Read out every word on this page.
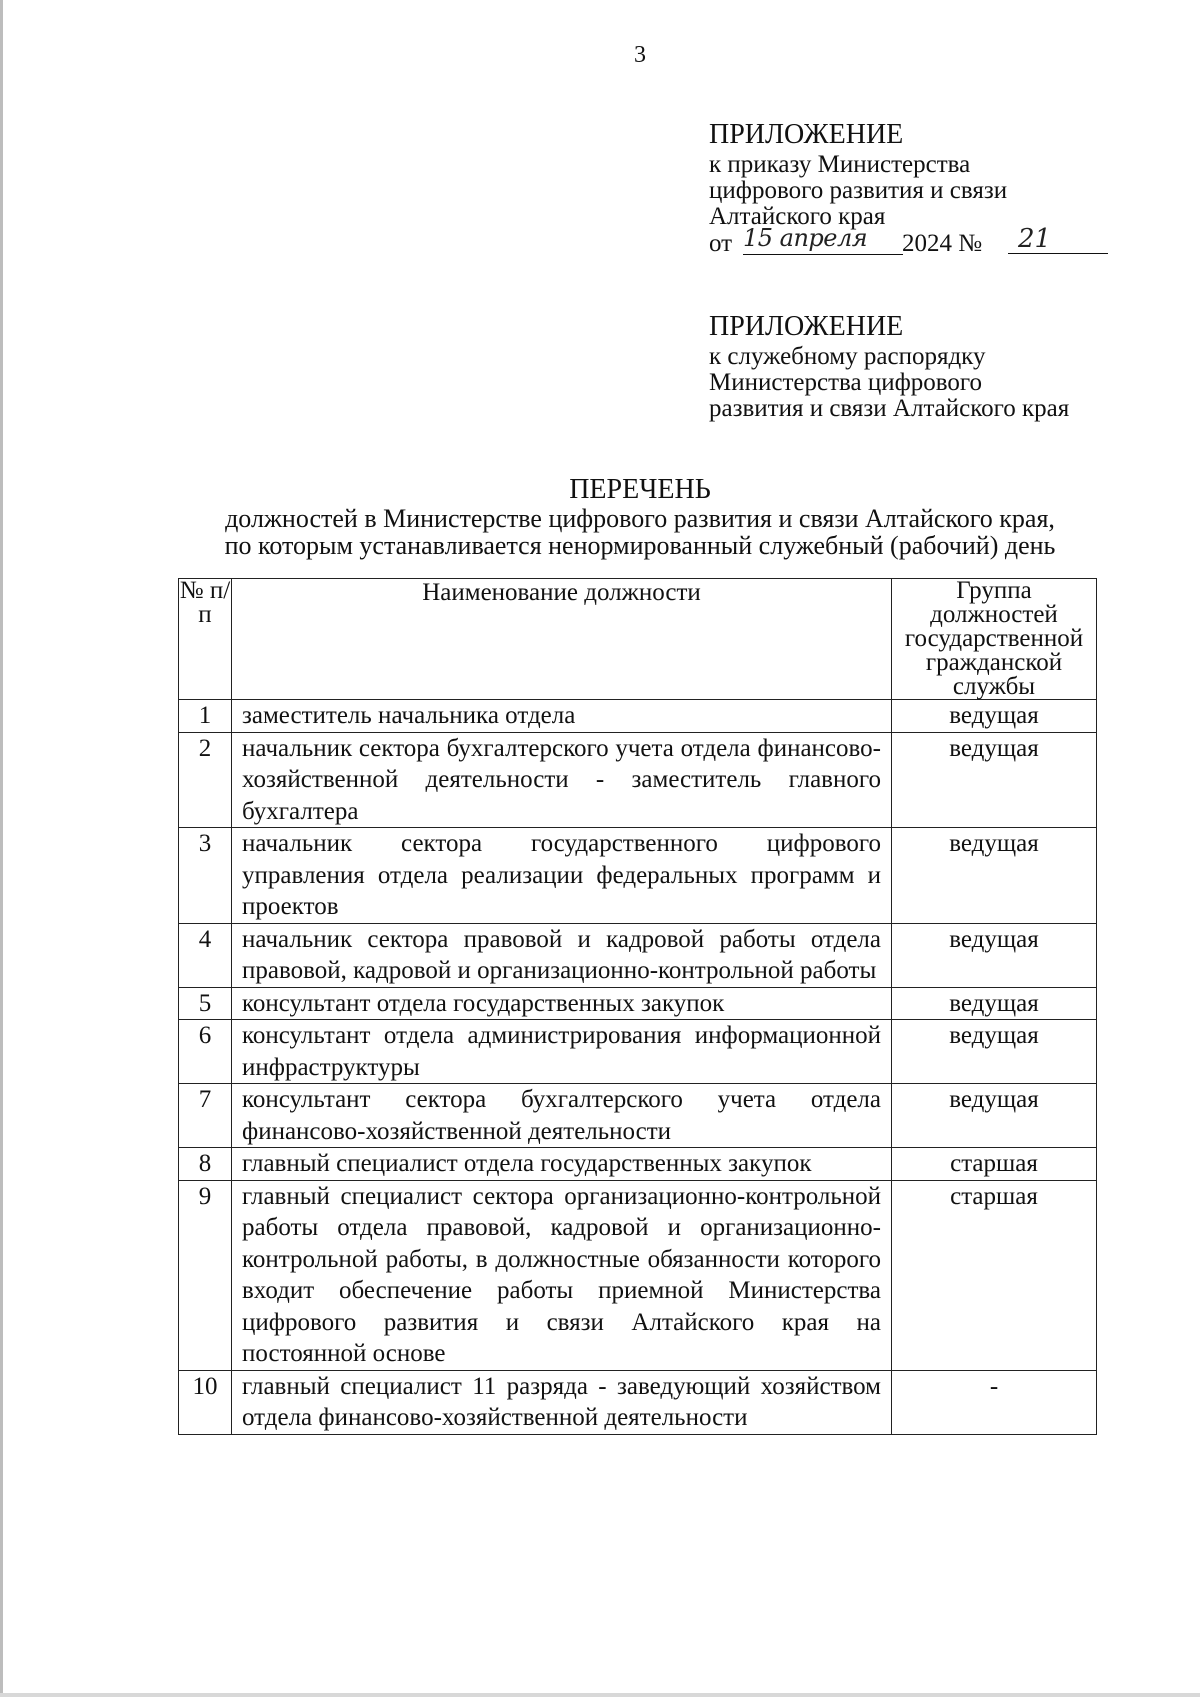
3
ПРИЛОЖЕНИЕ
к приказу Министерства
цифрового развития и связи
Алтайского края
от 15 апреля	2024 №	21
ПРИЛОЖЕНИЕ
к служебному распорядку
Министерства цифрового
развития и связи Алтайского края
ПЕРЕЧЕНЬ
должностей в Министерстве цифрового развития и связи Алтайского края,
по которым устанавливается ненормированный служебный (рабочий) день
№ п/п	Наименование должности	Группа должностей государственной гражданской службы
1	заместитель начальника отдела	ведущая
2	начальник сектора бухгалтерского учета отдела финансово-хозяйственной деятельности - заместитель главного бухгалтера	ведущая
3	начальник сектора государственного цифрового управления отдела реализации федеральных программ и проектов	ведущая
4	начальник сектора правовой и кадровой работы отдела правовой, кадровой и организационно-контрольной работы	ведущая
5	консультант отдела государственных закупок	ведущая
6	консультант отдела администрирования информационной инфраструктуры	ведущая
7	консультант сектора бухгалтерского учета отдела финансово-хозяйственной деятельности	ведущая
8	главный специалист отдела государственных закупок	старшая
9	главный специалист сектора организационно-контрольной работы отдела правовой, кадровой и организационно-контрольной работы, в должностные обязанности которого входит обеспечение работы приемной Министерства цифрового развития и связи Алтайского края на постоянной основе	старшая
10	главный специалист 11 разряда - заведующий хозяйством отдела финансово-хозяйственной деятельности	-
